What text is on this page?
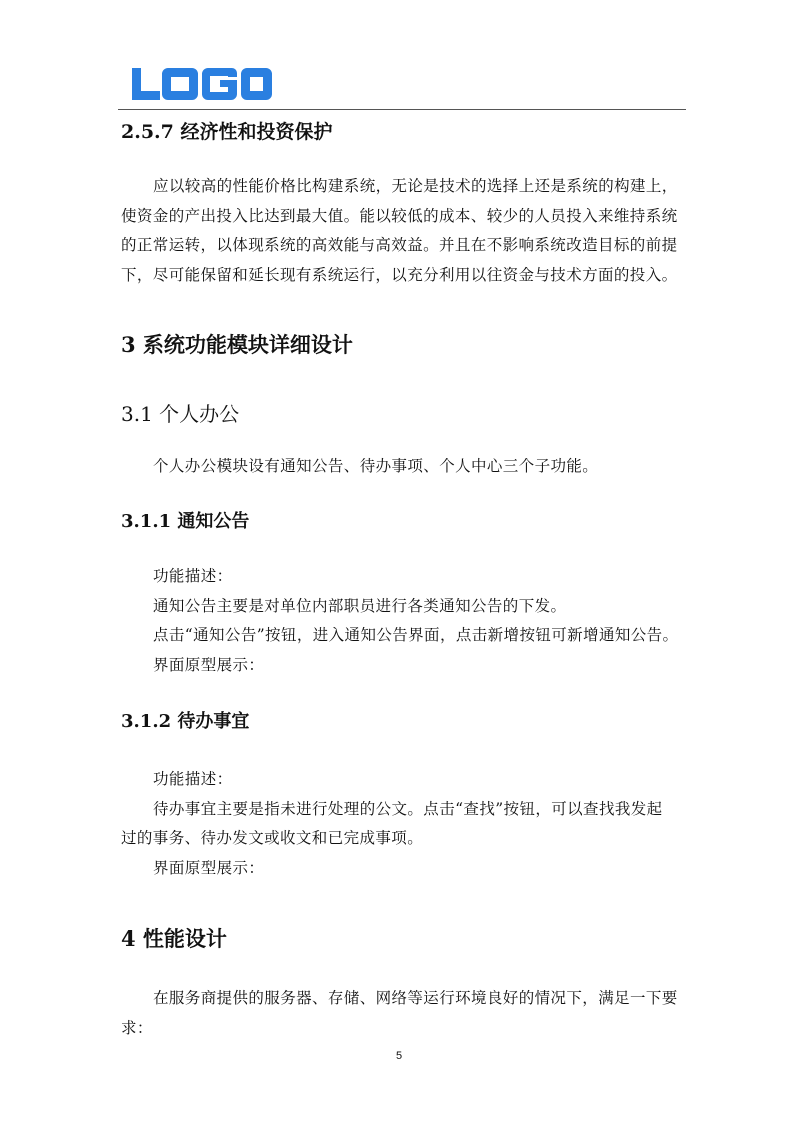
2.5.7 经济性和投资保护
应以较高的性能价格比构建系统，无论是技术的选择上还是系统的构建上，
使资金的产出投入比达到最大值。能以较低的成本、较少的人员投入来维持系统
的正常运转，以体现系统的高效能与高效益。并且在不影响系统改造目标的前提
下，尽可能保留和延长现有系统运行，以充分利用以往资金与技术方面的投入。
3 系统功能模块详细设计
3.1 个人办公
个人办公模块设有通知公告、待办事项、个人中心三个子功能。
3.1.1 通知公告
功能描述：
通知公告主要是对单位内部职员进行各类通知公告的下发。
点击“通知公告”按钮，进入通知公告界面，点击新增按钮可新增通知公告。
界面原型展示：
3.1.2 待办事宜
功能描述：
待办事宜主要是指未进行处理的公文。点击“查找”按钮，可以查找我发起
过的事务、待办发文或收文和已完成事项。
界面原型展示：
4 性能设计
在服务商提供的服务器、存储、网络等运行环境良好的情况下，满足一下要
求：
5
